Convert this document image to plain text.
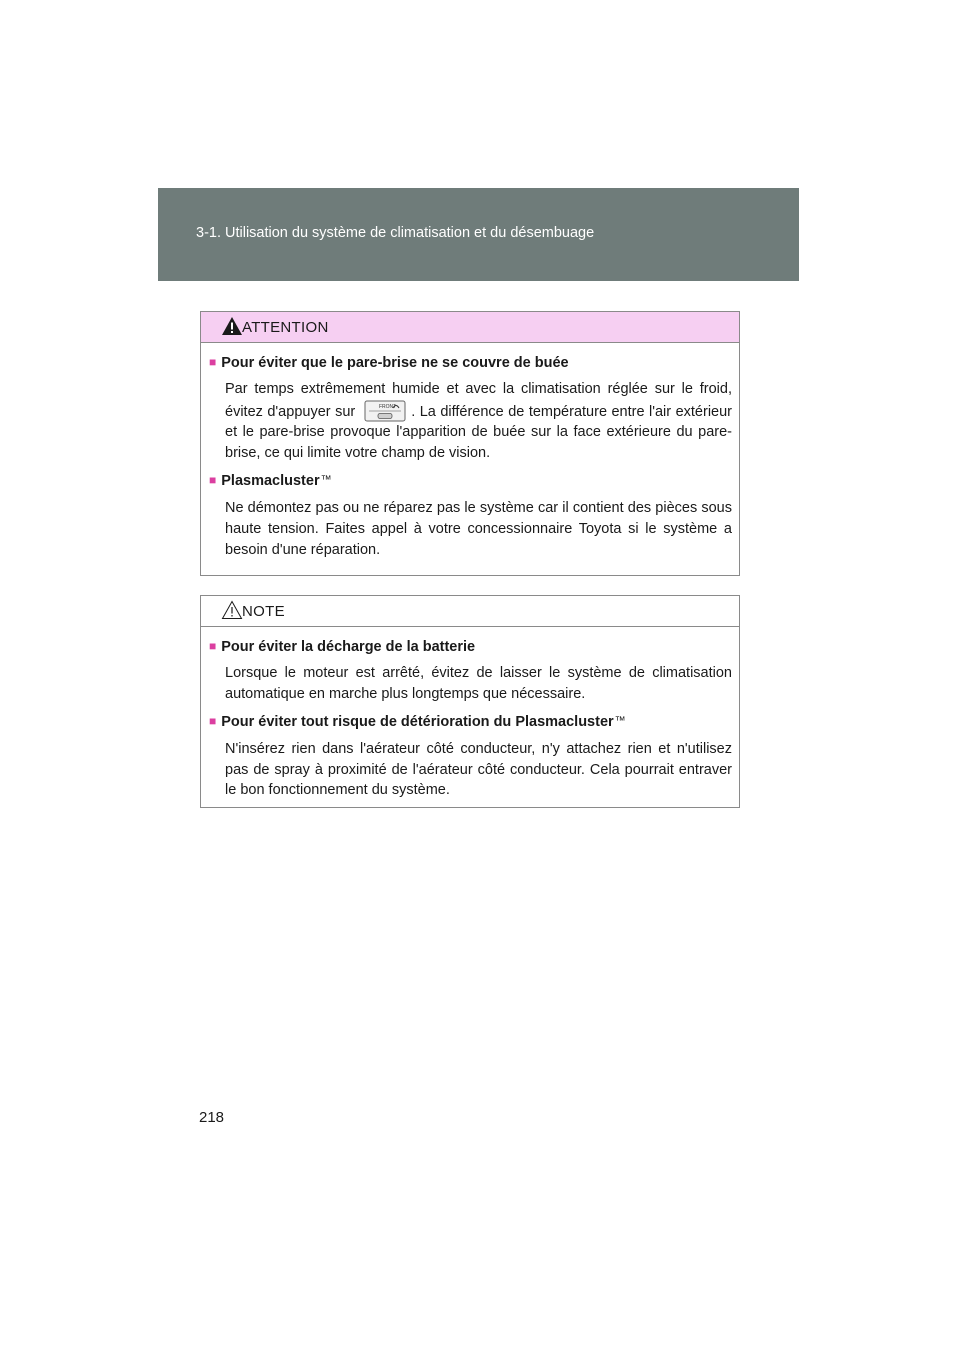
3-1. Utilisation du système de climatisation et du désembuage
ATTENTION
■ Pour éviter que le pare-brise ne se couvre de buée

Par temps extrêmement humide et avec la climatisation réglée sur le froid, évitez d'appuyer sur	FRONT . La différence de température entre l'air extérieur et le pare-brise provoque l'apparition de buée sur la face extérieure du pare-brise, ce qui limite votre champ de vision.

■ Plasmacluster™

Ne démontez pas ou ne réparez pas le système car il contient des pièces sous haute tension. Faites appel à votre concessionnaire Toyota si le système a besoin d'une réparation.

NOTE
■ Pour éviter la décharge de la batterie

Lorsque le moteur est arrêté, évitez de laisser le système de climatisation automatique en marche plus longtemps que nécessaire.

■ Pour éviter tout risque de détérioration du Plasmacluster™

N'insérez rien dans l'aérateur côté conducteur, n'y attachez rien et n'utilisez pas de spray à proximité de l'aérateur côté conducteur. Cela pourrait entraver le bon fonctionnement du système.

218
